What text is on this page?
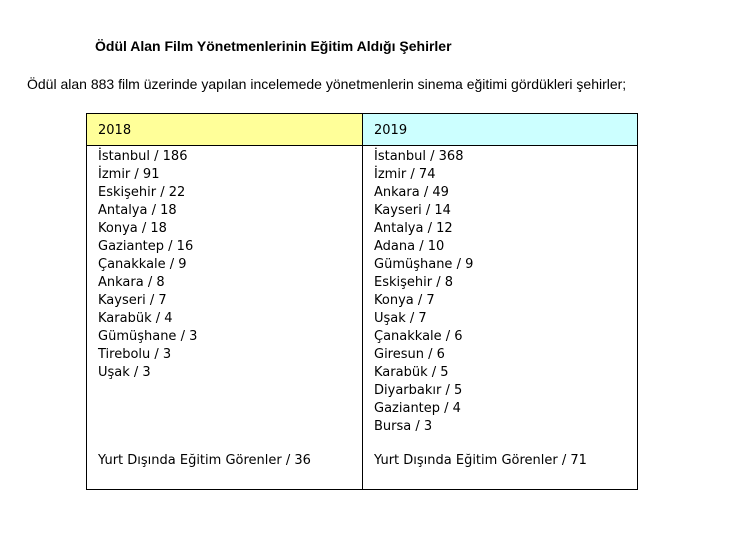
Ödül Alan Film Yönetmenlerinin Eğitim Aldığı Şehirler
Ödül alan 883 film üzerinde yapılan incelemede yönetmenlerin sinema eğitimi gördükleri şehirler;
2018
İstanbul / 186
İzmir / 91
Eskişehir / 22
Antalya / 18
Konya / 18
Gaziantep / 16
Çanakkale / 9
Ankara / 8
Kayseri / 7
Karabük / 4
Gümüşhane / 3
Tirebolu / 3
Uşak / 3
Yurt Dışında Eğitim Görenler / 36
2019
İstanbul / 368
İzmir / 74
Ankara / 49
Kayseri / 14
Antalya / 12
Adana / 10
Gümüşhane / 9
Eskişehir / 8
Konya / 7
Uşak / 7
Çanakkale / 6
Giresun / 6
Karabük / 5
Diyarbakır / 5
Gaziantep / 4
Bursa / 3
Yurt Dışında Eğitim Görenler / 71
